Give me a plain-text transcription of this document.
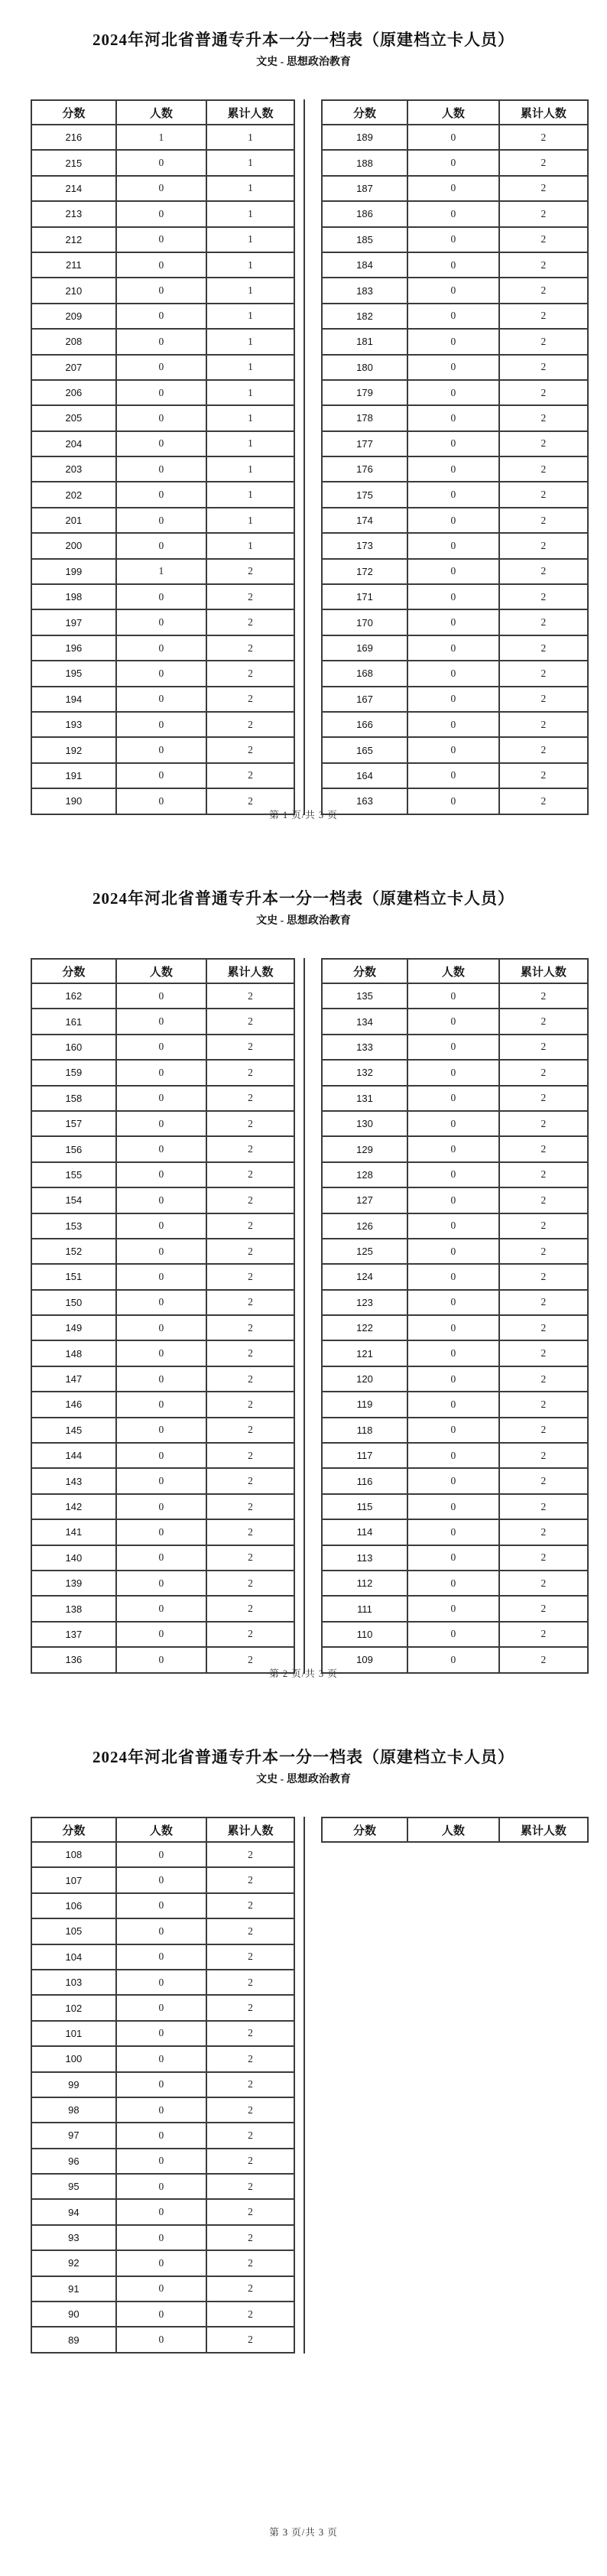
2024年河北省普通专升本一分一档表（原建档立卡人员）
文史 - 思想政治教育
分数	人数	累计人数
216	1	1
215	0	1
214	0	1
213	0	1
212	0	1
211	0	1
210	0	1
209	0	1
208	0	1
207	0	1
206	0	1
205	0	1
204	0	1
203	0	1
202	0	1
201	0	1
200	0	1
199	1	2
198	0	2
197	0	2
196	0	2
195	0	2
194	0	2
193	0	2
192	0	2
191	0	2
190	0	2
分数	人数	累计人数
189	0	2
188	0	2
187	0	2
186	0	2
185	0	2
184	0	2
183	0	2
182	0	2
181	0	2
180	0	2
179	0	2
178	0	2
177	0	2
176	0	2
175	0	2
174	0	2
173	0	2
172	0	2
171	0	2
170	0	2
169	0	2
168	0	2
167	0	2
166	0	2
165	0	2
164	0	2
163	0	2
第 1 页/共 3 页
2024年河北省普通专升本一分一档表（原建档立卡人员）
文史 - 思想政治教育
分数	人数	累计人数
162	0	2
161	0	2
160	0	2
159	0	2
158	0	2
157	0	2
156	0	2
155	0	2
154	0	2
153	0	2
152	0	2
151	0	2
150	0	2
149	0	2
148	0	2
147	0	2
146	0	2
145	0	2
144	0	2
143	0	2
142	0	2
141	0	2
140	0	2
139	0	2
138	0	2
137	0	2
136	0	2
分数	人数	累计人数
135	0	2
134	0	2
133	0	2
132	0	2
131	0	2
130	0	2
129	0	2
128	0	2
127	0	2
126	0	2
125	0	2
124	0	2
123	0	2
122	0	2
121	0	2
120	0	2
119	0	2
118	0	2
117	0	2
116	0	2
115	0	2
114	0	2
113	0	2
112	0	2
111	0	2
110	0	2
109	0	2
第 2 页/共 3 页
2024年河北省普通专升本一分一档表（原建档立卡人员）
文史 - 思想政治教育
分数	人数	累计人数
108	0	2
107	0	2
106	0	2
105	0	2
104	0	2
103	0	2
102	0	2
101	0	2
100	0	2
99	0	2
98	0	2
97	0	2
96	0	2
95	0	2
94	0	2
93	0	2
92	0	2
91	0	2
90	0	2
89	0	2
分数	人数	累计人数
第 3 页/共 3 页
